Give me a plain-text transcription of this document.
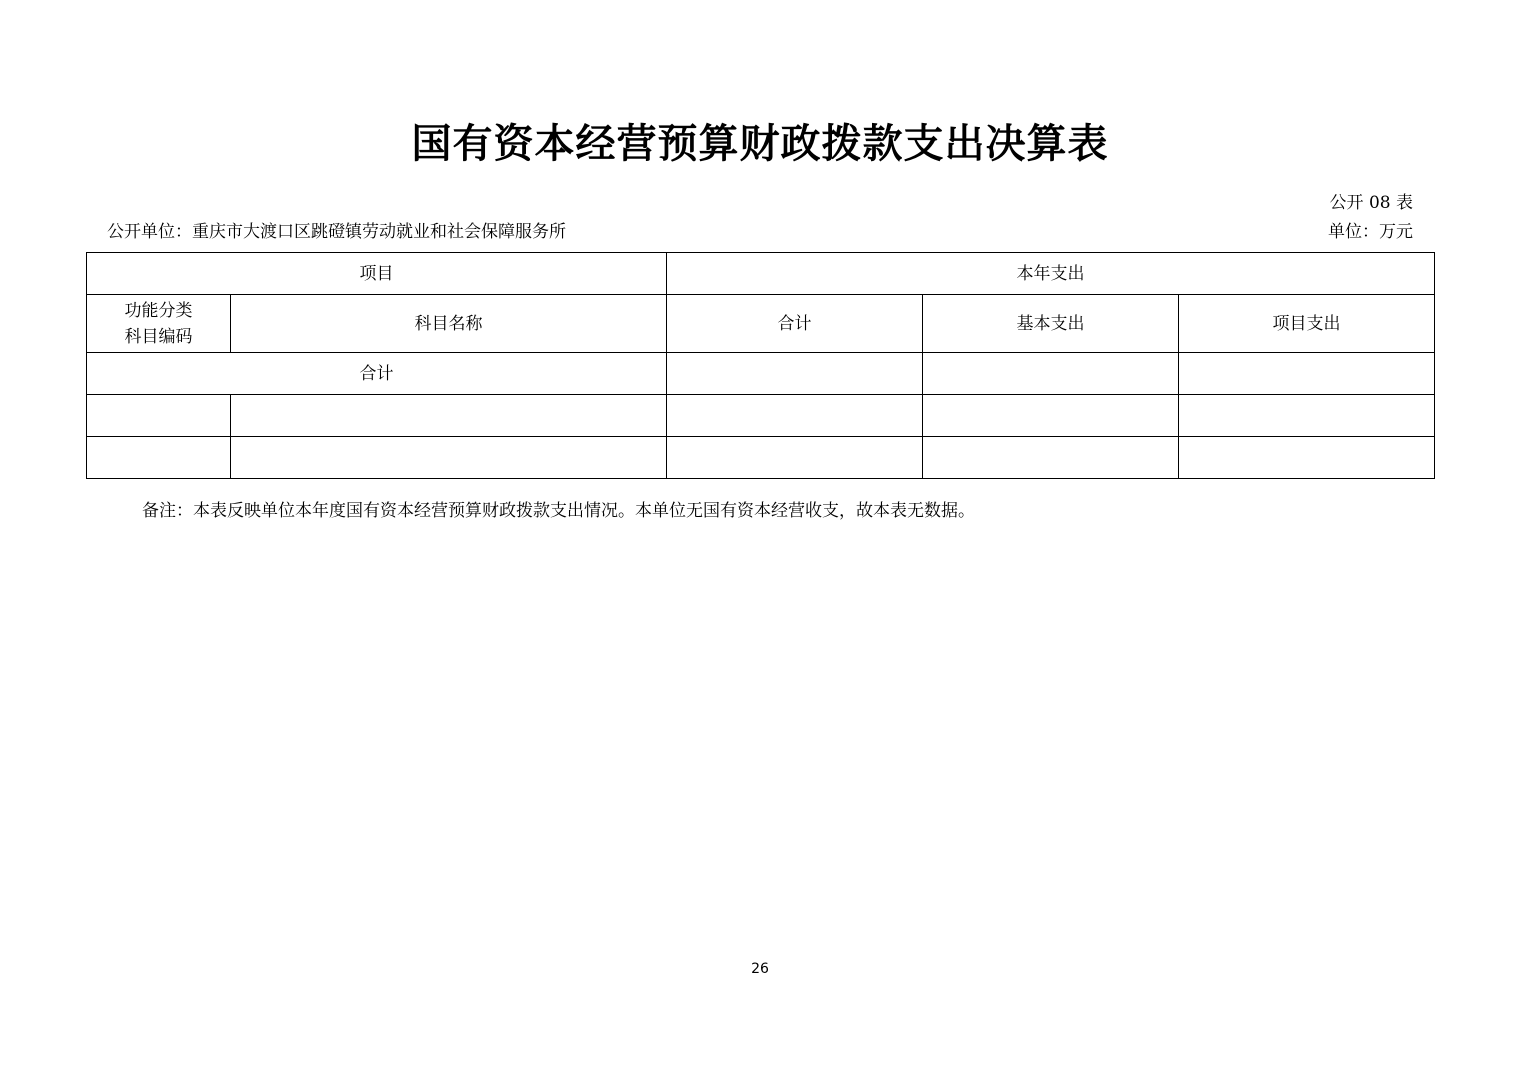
国有资本经营预算财政拨款支出决算表
公开 08 表
公开单位：重庆市大渡口区跳磴镇劳动就业和社会保障服务所	单位：万元
项目		本年支出		

功能分类
科目编码	科目名称	合计	基本支出	项目支出
合计				

备注：本表反映单位本年度国有资本经营预算财政拨款支出情况。本单位无国有资本经营收支，故本表无数据。
26
